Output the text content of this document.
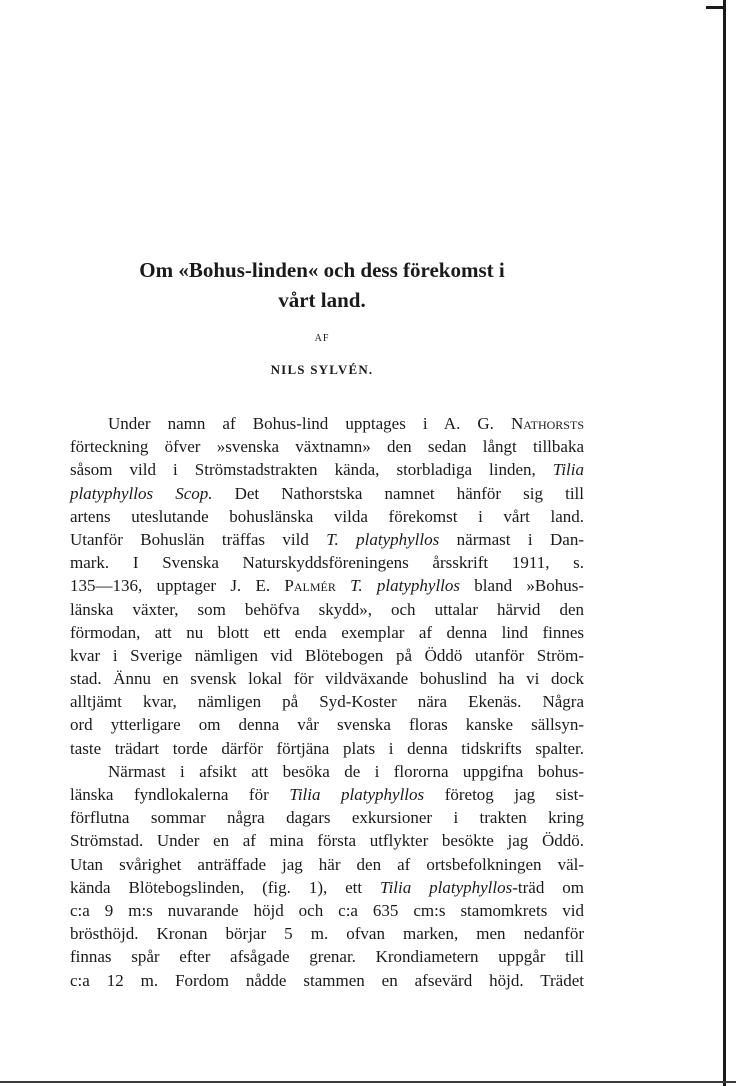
Om «Bohus-linden« och dess förekomst i
vårt land.

AF

NILS SYLVÉN.

Under namn af Bohus-lind upptages i A. G. Nathorsts
förteckning öfver »svenska växtnamn» den sedan långt tillbaka
såsom vild i Strömstadstrakten kända, storbladiga linden, Tilia
platyphyllos Scop. Det Nathorstska namnet hänför sig till
artens uteslutande bohuslänska vilda förekomst i vårt land.
Utanför Bohuslän träffas vild T. platyphyllos närmast i Dan-
mark. I Svenska Naturskyddsföreningens årsskrift 1911, s.
135—136, upptager J. E. Palmér T. platyphyllos bland »Bohus-
länska växter, som behöfva skydd», och uttalar härvid den
förmodan, att nu blott ett enda exemplar af denna lind finnes
kvar i Sverige nämligen vid Blötebogen på Öddö utanför Ström-
stad. Ännu en svensk lokal för vildväxande bohuslind ha vi dock
alltjämt kvar, nämligen på Syd-Koster nära Ekenäs. Några
ord ytterligare om denna vår svenska floras kanske sällsyn-
taste trädart torde därför förtjäna plats i denna tidskrifts spalter.
Närmast i afsikt att besöka de i florornа uppgifna bohus-
länska fyndlokalerna för Tilia platyphyllos företog jag sist-
förflutna sommar några dagars exkursioner i trakten kring
Strömstad. Under en af mina första utflykter besökte jag Öddö.
Utan svårighet anträffade jag här den af ortsbefolkningen väl-
kända Blötebogslinden, (fig. 1), ett Tilia platyphyllos-träd om
c:a 9 m:s nuvarande höjd och c:a 635 cm:s stamomkrets vid
brösthöjd. Kronan börjar 5 m. ofvan marken, men nedanför
finnas spår efter afsågade grenar. Krondiametern uppgår till
c:a 12 m. Fordom nådde stammen en afsevärd höjd. Trädet
